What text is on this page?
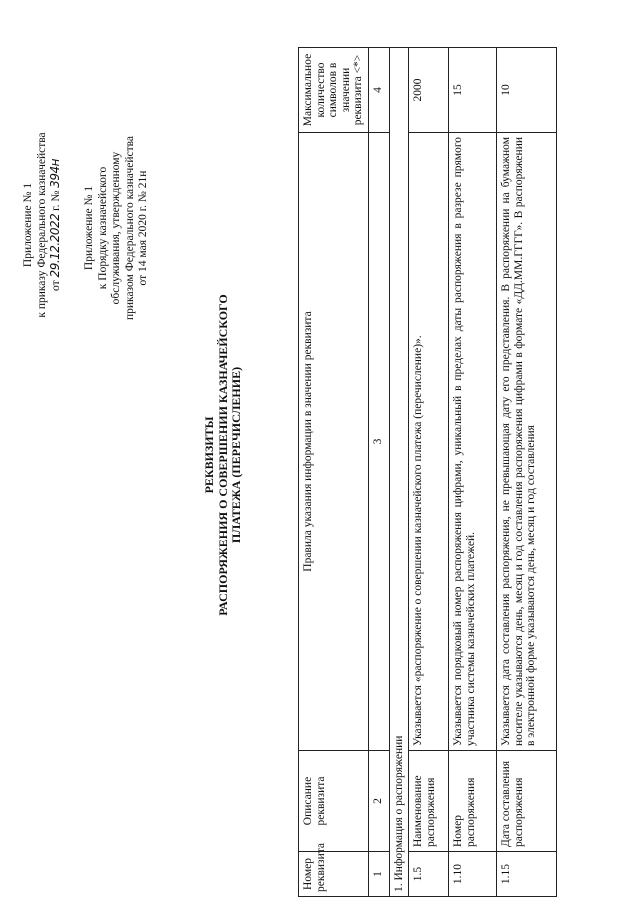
Приложение № 1 к приказу Федерального казначейства от 29.12.2022 г. № 394н
Приложение № 1 к Порядку казначейского обслуживания, утвержденному приказом Федерального казначейства от 14 мая 2020 г. № 21н
РЕКВИЗИТЫ РАСПОРЯЖЕНИЯ О СОВЕРШЕНИИ КАЗНАЧЕЙСКОГО ПЛАТЕЖА (ПЕРЕЧИСЛЕНИЕ)
Номер реквизита	Описание реквизита	Правила указания информации в значении реквизита	Максимальное количество символов в значении реквизита <*>
1	2	3	4
1. Информация о распоряжении			
1.5	Наименование распоряжения	Указывается «распоряжение о совершении казначейского платежа (перечисление)».	2000
1.10	Номер распоряжения	Указывается порядковый номер распоряжения цифрами, уникальный в пределах даты распоряжения в разрезе прямого участника системы казначейских платежей.	15
1.15	Дата составления распоряжения	Указывается дата составления распоряжения, не превышающая дату его представления. В распоряжении на бумажном носителе указываются день, месяц и год составления распоряжения цифрами в формате «ДД.ММ.ГГГГ». В распоряжении в электронной форме указываются день, месяц и год составления	10
